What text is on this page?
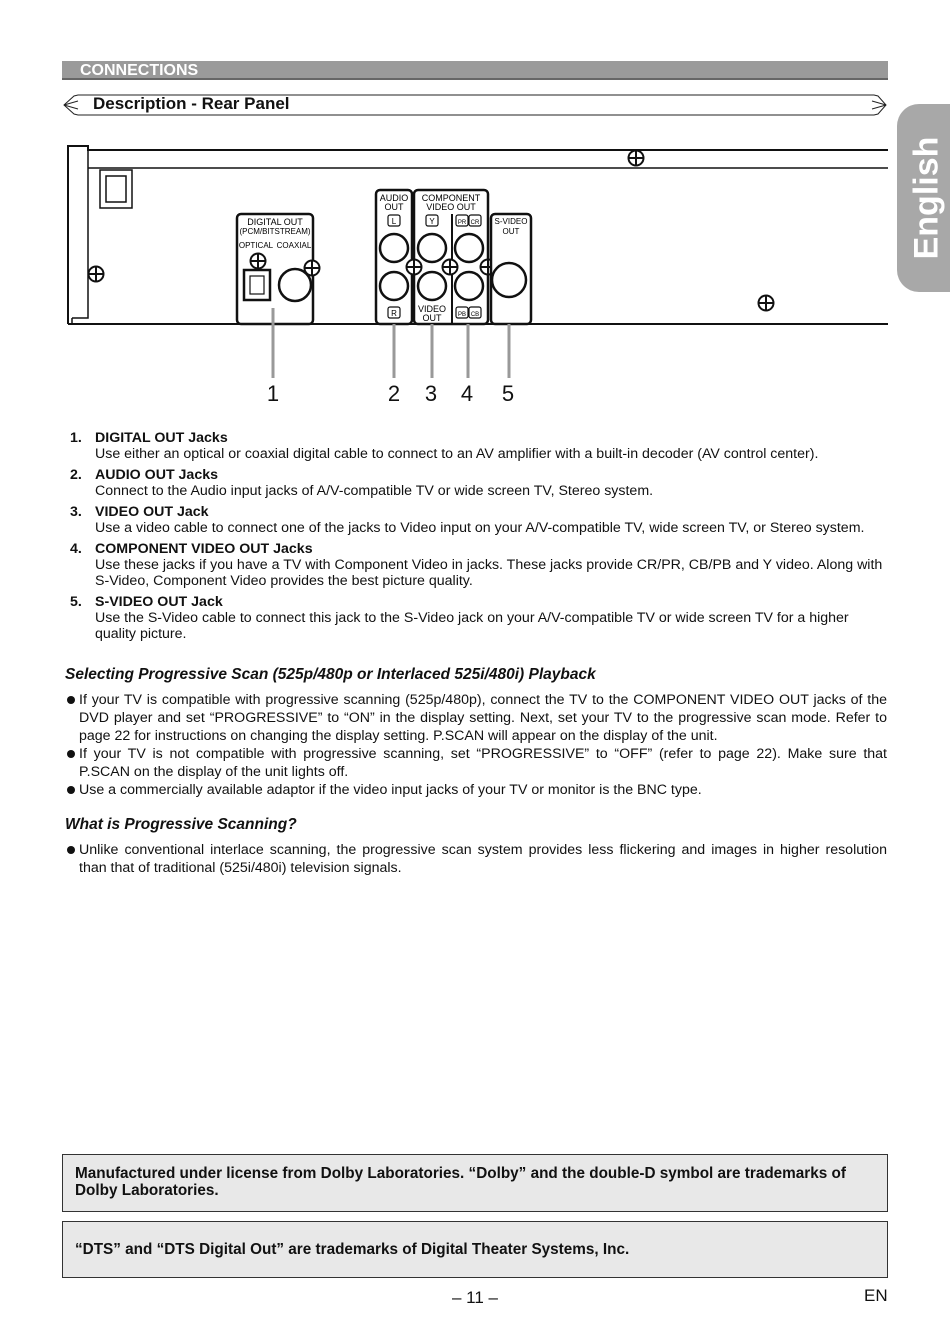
CONNECTIONS
Description - Rear Panel
English
DIGITAL OUT
(PCM/BITSTREAM)
OPTICAL COAXIAL
AUDIO
OUT
L
R
COMPONENT
VIDEO OUT
Y	PR CR
VIDEO
OUT	PB CB
S-VIDEO
OUT
1	2 3 4 5
1. DIGITAL OUT Jacks
Use either an optical or coaxial digital cable to connect to an AV amplifier with a built-in decoder (AV control center).
2. AUDIO OUT Jacks
Connect to the Audio input jacks of A/V-compatible TV or wide screen TV, Stereo system.
3. VIDEO OUT Jack
Use a video cable to connect one of the jacks to Video input on your A/V-compatible TV, wide screen TV, or Stereo system.
4. COMPONENT VIDEO OUT Jacks
Use these jacks if you have a TV with Component Video in jacks. These jacks provide CR/PR, CB/PB and Y video. Along with S-Video, Component Video provides the best picture quality.
5. S-VIDEO OUT Jack
Use the S-Video cable to connect this jack to the S-Video jack on your A/V-compatible TV or wide screen TV for a higher quality picture.
Selecting Progressive Scan (525p/480p or Interlaced 525i/480i) Playback
If your TV is compatible with progressive scanning (525p/480p), connect the TV to the COMPONENT VIDEO OUT jacks of the DVD player and set “PROGRESSIVE” to “ON” in the display setting. Next, set your TV to the progressive scan mode. Refer to page 22 for instructions on changing the display setting. P.SCAN will appear on the display of the unit.
If your TV is not compatible with progressive scanning, set “PROGRESSIVE” to “OFF” (refer to page 22). Make sure that P.SCAN on the display of the unit lights off.
Use a commercially available adaptor if the video input jacks of your TV or monitor is the BNC type.
What is Progressive Scanning?
Unlike conventional interlace scanning, the progressive scan system provides less flickering and images in higher resolution than that of traditional (525i/480i) television signals.
Manufactured under license from Dolby Laboratories. “Dolby” and the double-D symbol are trademarks of Dolby Laboratories.
“DTS” and “DTS Digital Out” are trademarks of Digital Theater Systems, Inc.
– 11 –	EN
